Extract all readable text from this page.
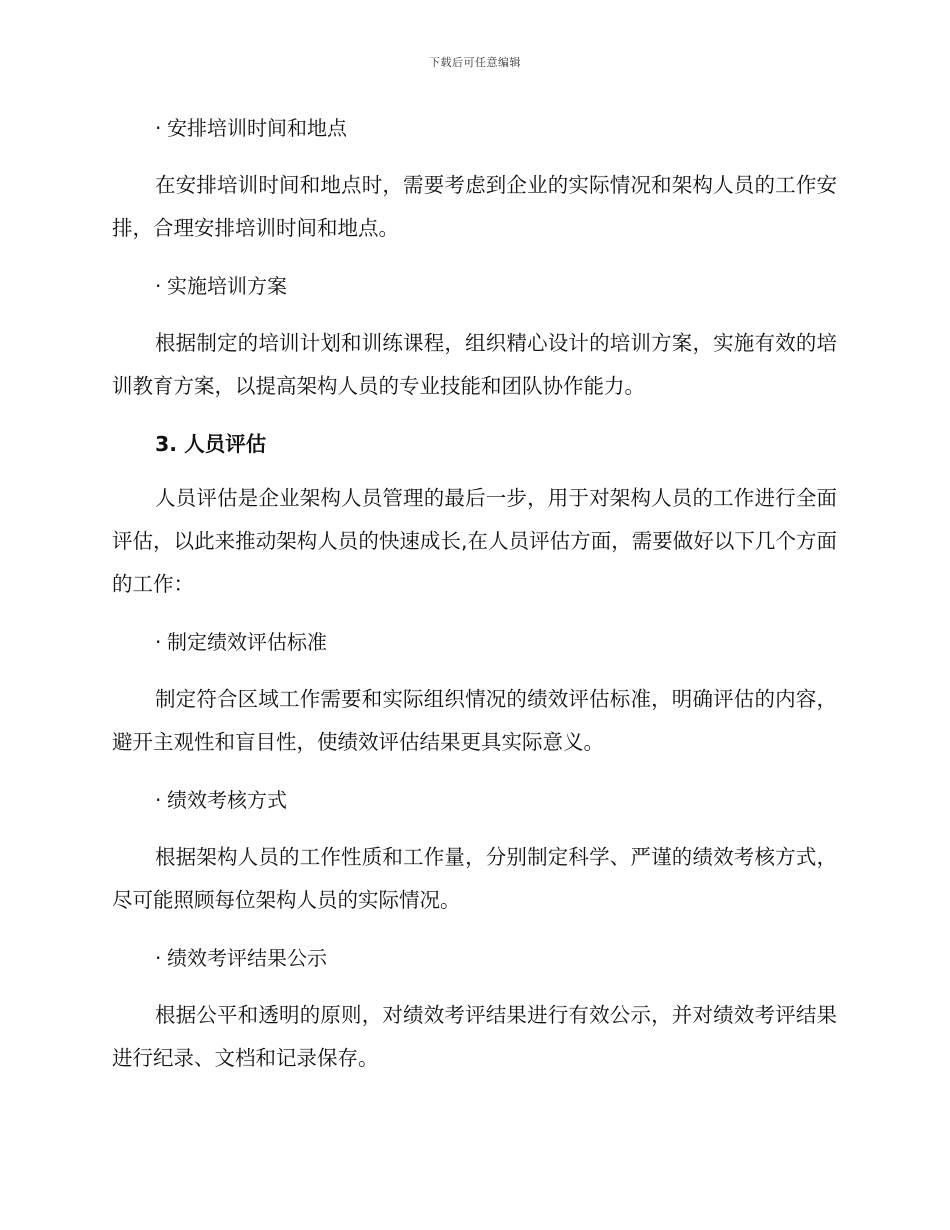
下载后可任意编辑
· 安排培训时间和地点

在安排培训时间和地点时，需要考虑到企业的实际情况和架构人员的工作安排，合理安排培训时间和地点。

· 实施培训方案

根据制定的培训计划和训练课程，组织精心设计的培训方案，实施有效的培训教育方案，以提高架构人员的专业技能和团队协作能力。

3. 人员评估

人员评估是企业架构人员管理的最后一步，用于对架构人员的工作进行全面评估，以此来推动架构人员的快速成长,在人员评估方面，需要做好以下几个方面的工作：

· 制定绩效评估标准

制定符合区域工作需要和实际组织情况的绩效评估标准，明确评估的内容，避开主观性和盲目性，使绩效评估结果更具实际意义。

· 绩效考核方式

根据架构人员的工作性质和工作量，分别制定科学、严谨的绩效考核方式，尽可能照顾每位架构人员的实际情况。

· 绩效考评结果公示

根据公平和透明的原则，对绩效考评结果进行有效公示，并对绩效考评结果进行纪录、文档和记录保存。
